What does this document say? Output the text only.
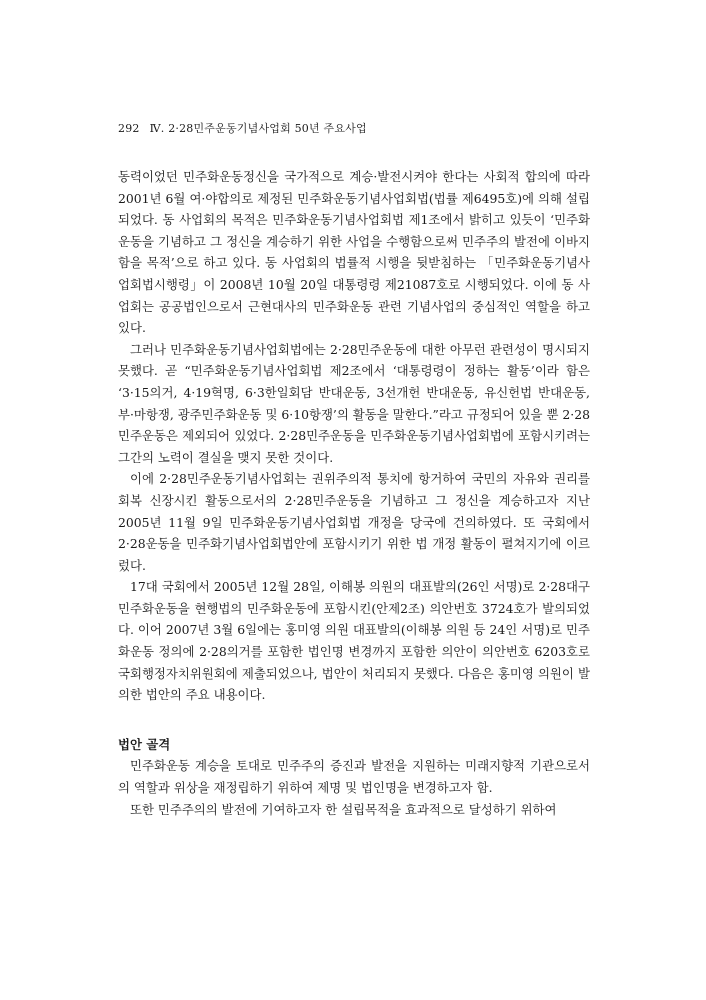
292 Ⅳ. 2·28민주운동기념사업회 50년 주요사업

동력이었던 민주화운동정신을 국가적으로 계승·발전시켜야 한다는 사회적 합의에 따라 2001년 6월 여·야합의로 제정된 민주화운동기념사업회법(법률 제6495호)에 의해 설립되었다. 동 사업회의 목적은 민주화운동기념사업회법 제1조에서 밝히고 있듯이 ‘민주화운동을 기념하고 그 정신을 계승하기 위한 사업을 수행함으로써 민주주의 발전에 이바지함을 목적’으로 하고 있다. 동 사업회의 법률적 시행을 뒷받침하는 「민주화운동기념사업회법시행령」이 2008년 10월 20일 대통령령 제21087호로 시행되었다. 이에 동 사업회는 공공법인으로서 근현대사의 민주화운동 관련 기념사업의 중심적인 역할을 하고 있다.

그러나 민주화운동기념사업회법에는 2·28민주운동에 대한 아무런 관련성이 명시되지 못했다. 곧 “민주화운동기념사업회법 제2조에서 ‘대통령령이 정하는 활동’이라 함은 ‘3·15의거, 4·19혁명, 6·3한일회담 반대운동, 3선개헌 반대운동, 유신헌법 반대운동, 부·마항쟁, 광주민주화운동 및 6·10항쟁’의 활동을 말한다.”라고 규정되어 있을 뿐 2·28민주운동은 제외되어 있었다. 2·28민주운동을 민주화운동기념사업회법에 포함시키려는 그간의 노력이 결실을 맺지 못한 것이다.

이에 2·28민주운동기념사업회는 권위주의적 통치에 항거하여 국민의 자유와 권리를 회복 신장시킨 활동으로서의 2·28민주운동을 기념하고 그 정신을 계승하고자 지난 2005년 11월 9일 민주화운동기념사업회법 개정을 당국에 건의하였다. 또 국회에서 2·28운동을 민주화기념사업회법안에 포함시키기 위한 법 개정 활동이 펼쳐지기에 이르렀다.

17대 국회에서 2005년 12월 28일, 이해봉 의원의 대표발의(26인 서명)로 2·28대구민주화운동을 현행법의 민주화운동에 포함시킨(안제2조) 의안번호 3724호가 발의되었다. 이어 2007년 3월 6일에는 홍미영 의원 대표발의(이해봉 의원 등 24인 서명)로 민주화운동 정의에 2·28의거를 포함한 법인명 변경까지 포함한 의안이 의안번호 6203호로 국회행정자치위원회에 제출되었으나, 법안이 처리되지 못했다. 다음은 홍미영 의원이 발의한 법안의 주요 내용이다.

법안 골격

민주화운동 계승을 토대로 민주주의 증진과 발전을 지원하는 미래지향적 기관으로서의 역할과 위상을 재정립하기 위하여 제명 및 법인명을 변경하고자 함.

또한 민주주의의 발전에 기여하고자 한 설립목적을 효과적으로 달성하기 위하여
